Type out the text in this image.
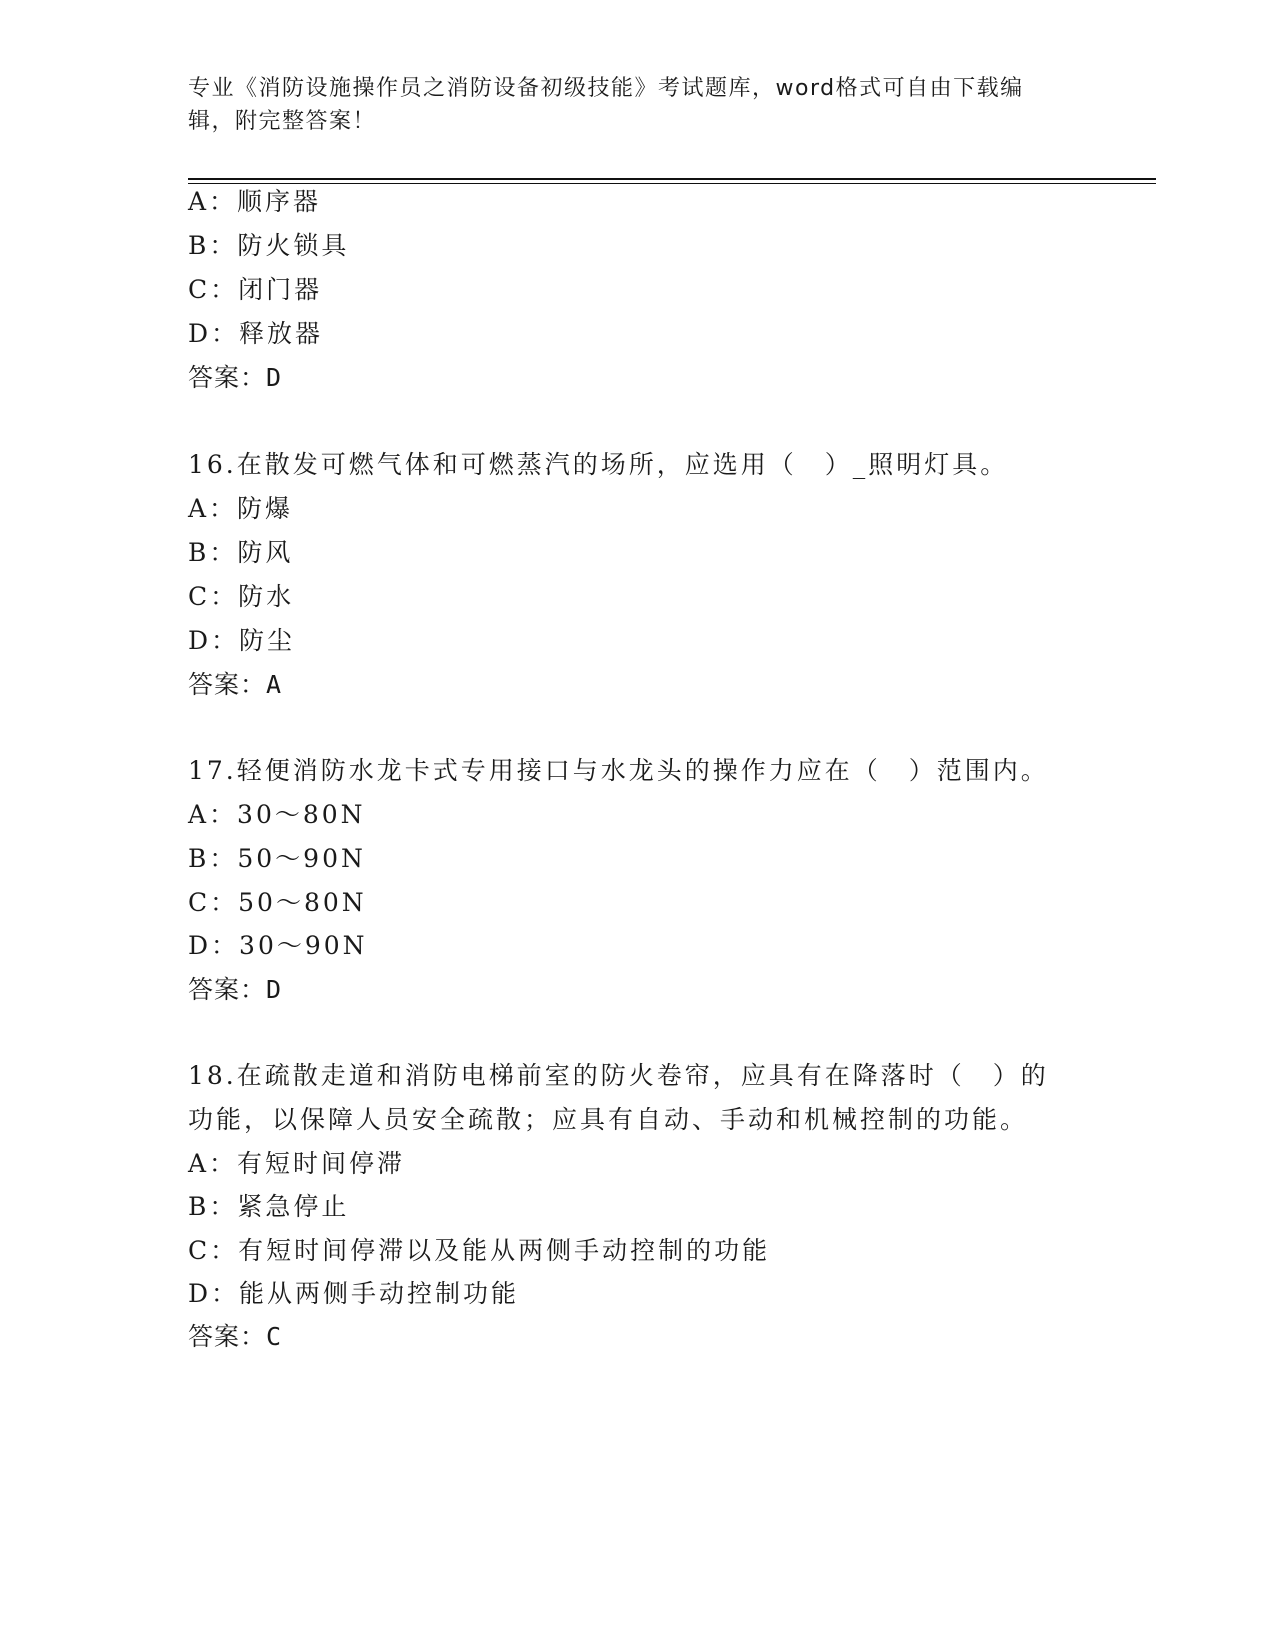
专业《消防设施操作员之消防设备初级技能》考试题库，word格式可自由下载编
辑，附完整答案！
A：顺序器
B：防火锁具
C：闭门器
D：释放器
答案：D
16.在散发可燃气体和可燃蒸汽的场所，应选用（　）_照明灯具。
A：防爆
B：防风
C：防水
D：防尘
答案：A
17.轻便消防水龙卡式专用接口与水龙头的操作力应在（　）范围内。
A：30～80N
B：50～90N
C：50～80N
D：30～90N
答案：D
18.在疏散走道和消防电梯前室的防火卷帘，应具有在降落时（　）的
功能，以保障人员安全疏散；应具有自动、手动和机械控制的功能。
A：有短时间停滞
B：紧急停止
C：有短时间停滞以及能从两侧手动控制的功能
D：能从两侧手动控制功能
答案：C
